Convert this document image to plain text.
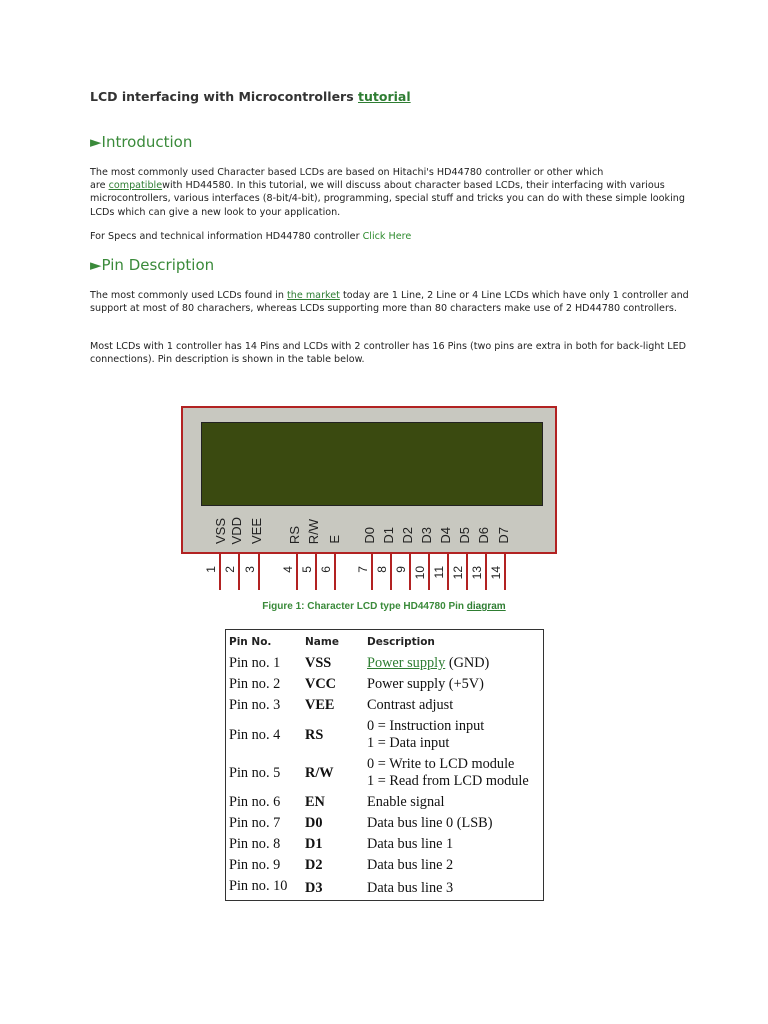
LCD interfacing with Microcontrollers tutorial
►Introduction

The most commonly used Character based LCDs are based on Hitachi's HD44780 controller or other which
are compatiblewith HD44580. In this tutorial, we will discuss about character based LCDs, their interfacing with various microcontrollers, various interfaces (8-bit/4-bit), programming, special stuff and tricks you can do with these simple looking LCDs which can give a new look to your application.

For Specs and technical information HD44780 controller Click Here

►Pin Description

The most commonly used LCDs found in the market today are 1 Line, 2 Line or 4 Line LCDs which have only 1 controller and support at most of 80 charachers, whereas LCDs supporting more than 80 characters make use of 2 HD44780 controllers.

Most LCDs with 1 controller has 14 Pins and LCDs with 2 controller has 16 Pins (two pins are extra in both for back-light LED connections). Pin description is shown in the table below.

VSS VDD VEE RS R/W E D0 D1 D2 D3 D4 D5 D6 D7
1 2 3 4 5 6 7 8 9 10 11 12 13 14
Figure 1: Character LCD type HD44780 Pin diagram
Pin No.	Name	Description
Pin no. 1	VSS	Power supply (GND)
Pin no. 2	VCC	Power supply (+5V)
Pin no. 3	VEE	Contrast adjust
Pin no. 4	RS	0 = Instruction input
1 = Data input
Pin no. 5	R/W	0 = Write to LCD module
1 = Read from LCD module
Pin no. 6	EN	Enable signal
Pin no. 7	D0	Data bus line 0 (LSB)
Pin no. 8	D1	Data bus line 1
Pin no. 9	D2	Data bus line 2
Pin no. 10	D3	Data bus line 3
